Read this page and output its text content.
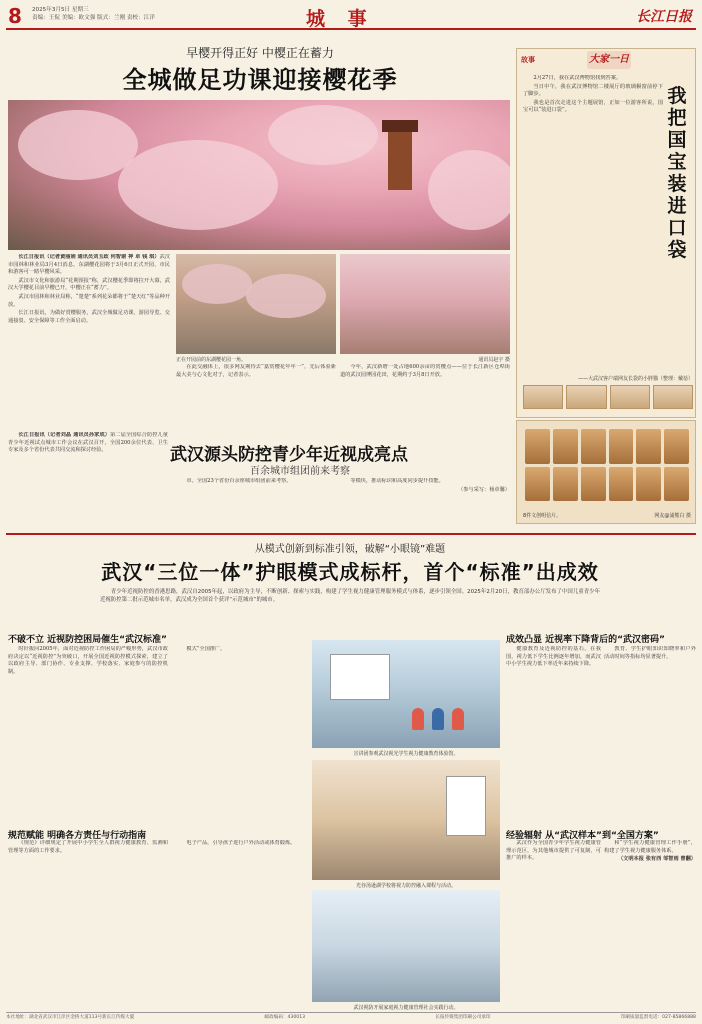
8 2025年3月5日 星期三
责编：王侃 美编：欧文强 版式：兰刚 责校：江洋	城 事	长江日报
早樱开得正好 中樱正在蓄力
全城做足功课迎接樱花季

长江日报讯（记者黄丽娟 通讯员刘玉政 何智谢 神 卓 钱 琪）武汉市园林和林业局3月4日消息，东湖樱花园将于3月6日正式开园，市民和游客可一睹早樱风采。

武汉市文化和旅游局“花期预报”称，武汉樱花季即将拉开大幕，武汉大学樱花目前早樱已开，中樱正在“蓄力”。

武汉市园林和林业局称，“楚楚”系列花朵都将于“楚天红”等品种开放。

长江日报讯，为做好赏樱服务，武汉全城做足功课，游园导览、交通接驳、安全保障等工作全面启动。

正在开园前的东湖樱花园一角。	通讯员赵宇 摄

在此交融体上，很多网友期待去“嘉赏樱花年年一”，先后体验新最大美与心文化对于，记者表示。

今年，武汉新增一处占地600余亩的赏樱点——位于长江新区仓埠街道的武汉园博园花田，花期约于3月8日开放。

故事	大家一日

2月27日，我在武汉博物馆找到答案。

当日中午，我在武汉博物馆二楼展厅的玻璃橱窗前停下了脚步。

我也是首次走进这个主题展馆，正如一位游客所说，国宝可以“装进口袋”。

我把国宝装进口袋
——大武汉客户端网友长袋的小胖猫（整理：戴蓓）
8件文创明信片。	网友@浦熊白 摄

长江日报讯（记者刘晶 通讯员孙家成）第二届全国综合防控儿童青少年近视试点城市工作会议在武汉召开，全国200余位代表、卫生专家及多个省份代表共同交流和探讨经验。	武汉源头防控青少年近视成亮点
百余城市组团前来考察

市。全国23个省份百余座城市组团前来考察。	等模块，推动标识和高度同步提升技能。

（参与采写：杨章馨）

从模式创新到标准引领，破解“小眼镜”难题
武汉“三位一体”护眼模式成标杆，首个“标准”出成效

青少年近视防控的香港思路，武汉自2005年起，以政府为主导，不断创新、探索与实践，构建了学生视力健康管理服务模式与体系，逐步引领全国。2025年2月20日，教育部办公厅发布了中国儿童青少年近视防控第二批示范城市名单，武汉成为全国首个获评“示范城市”的城市。

不破不立 近视防控困局催生“武汉标准”

时针拨回2005年，面对近视防控工作困局的严峻形势，武汉市政府决定以“近视防控”为突破口，开展全国近视防控模式探索，建立了以政府主导、部门协作、专业支撑、学校落实、家庭参与的防控机制。

模式”全国推广。

规范赋能 明确各方责任与行动指南

《规范》详细规定了开展中小学生全人群视力健康教育、监测和管理等方面的工作要求。

电子产品，引导孩子进行户外活动或体育锻炼。

宣讲团参观武汉视光学生视力健康教育体验馆。
光谷汤逊湖学校将视力防控融入课程与活动。
武汉视防开展家庭视力健康管理社会实践行动。
成效凸显 近视率下降背后的“武汉密码”

健康教育及近视防控的基石。在我国，视力低下学生比例逐年增加，而武汉中小学生视力低下率近年来持续下降。

教育、学生护眼知识知晓率和户外活动时间等指标均显著提升。

经验辐射 从“武汉样本”到“全国方案”

武汉作为全国青少年学生视力健康管理示范区，为其他城市提供了可复制、可推广的样本。

和“学生视力健康管理工作手册”，构建了学生视力健康服务体系。

（文明本报 张有西 邹智雨 曾翻）

本社地址：湖北省武汉市江岸区金桥大道113号新长江传媒大厦	邮政编码：430013	长报传媒集团印刷公司承印	印刷质量监督电话：027-85866888
